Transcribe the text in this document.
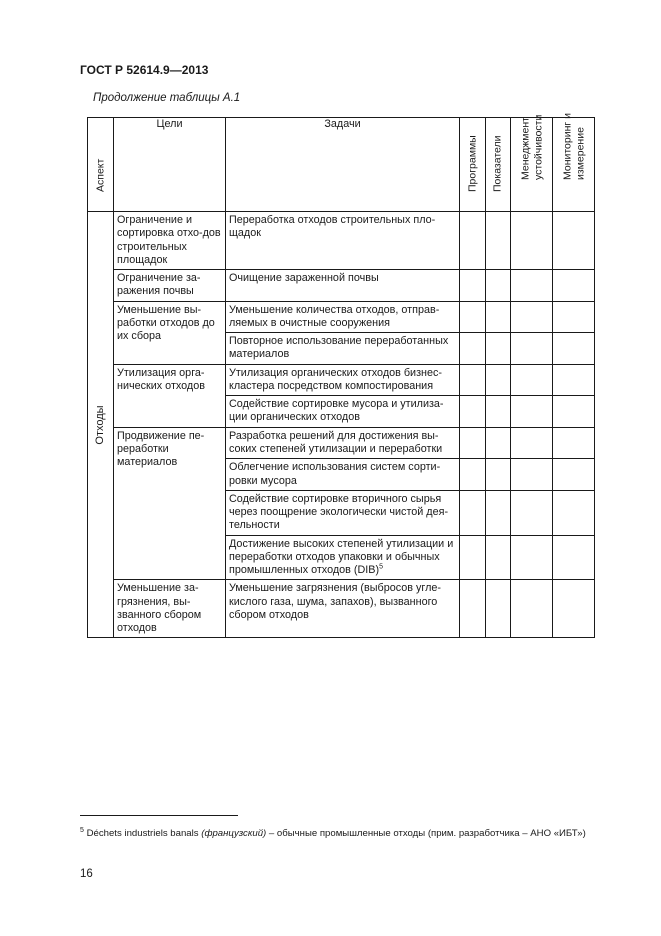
ГОСТ Р 52614.9—2013
Продолжение таблицы А.1
Аспект	Цели	Задачи	Программы	Показатели	Менеджмент устойчивости	Мониторинг и измерение

Отходы	Ограничение и сортировка отхо-дов строительных площадок	Переработка отходов строительных пло-щадок				
	Ограничение за-ражения почвы	Очищение зараженной почвы				
	Уменьшение вы-работки отходов до их сбора	Уменьшение количества отходов, отправ-ляемых в очистные сооружения				
		Повторное использование переработанных материалов				
	Утилизация орга-нических отходов	Утилизация органических отходов бизнес-кластера посредством компостирования				
		Содействие сортировке мусора и утилиза-ции органических отходов				
	Продвижение пе-реработки материалов	Разработка решений для достижения вы-соких степеней утилизации и переработки				
		Облегчение использования систем сорти-ровки мусора				
		Содействие сортировке вторичного сырья через поощрение экологически чистой дея-тельности				
		Достижение высоких степеней утилизации и переработки отходов упаковки и обычных промышленных отходов (DIB)$^5$				
	Уменьшение за-грязнения, вы-званного сбором отходов	Уменьшение загрязнения (выбросов угле-кислого газа, шума, запахов), вызванного сбором отходов				
$^5$ Déchets industriels banals (французский) – обычные промышленные отходы (прим. разработчика – АНО «ИБТ»)
16
